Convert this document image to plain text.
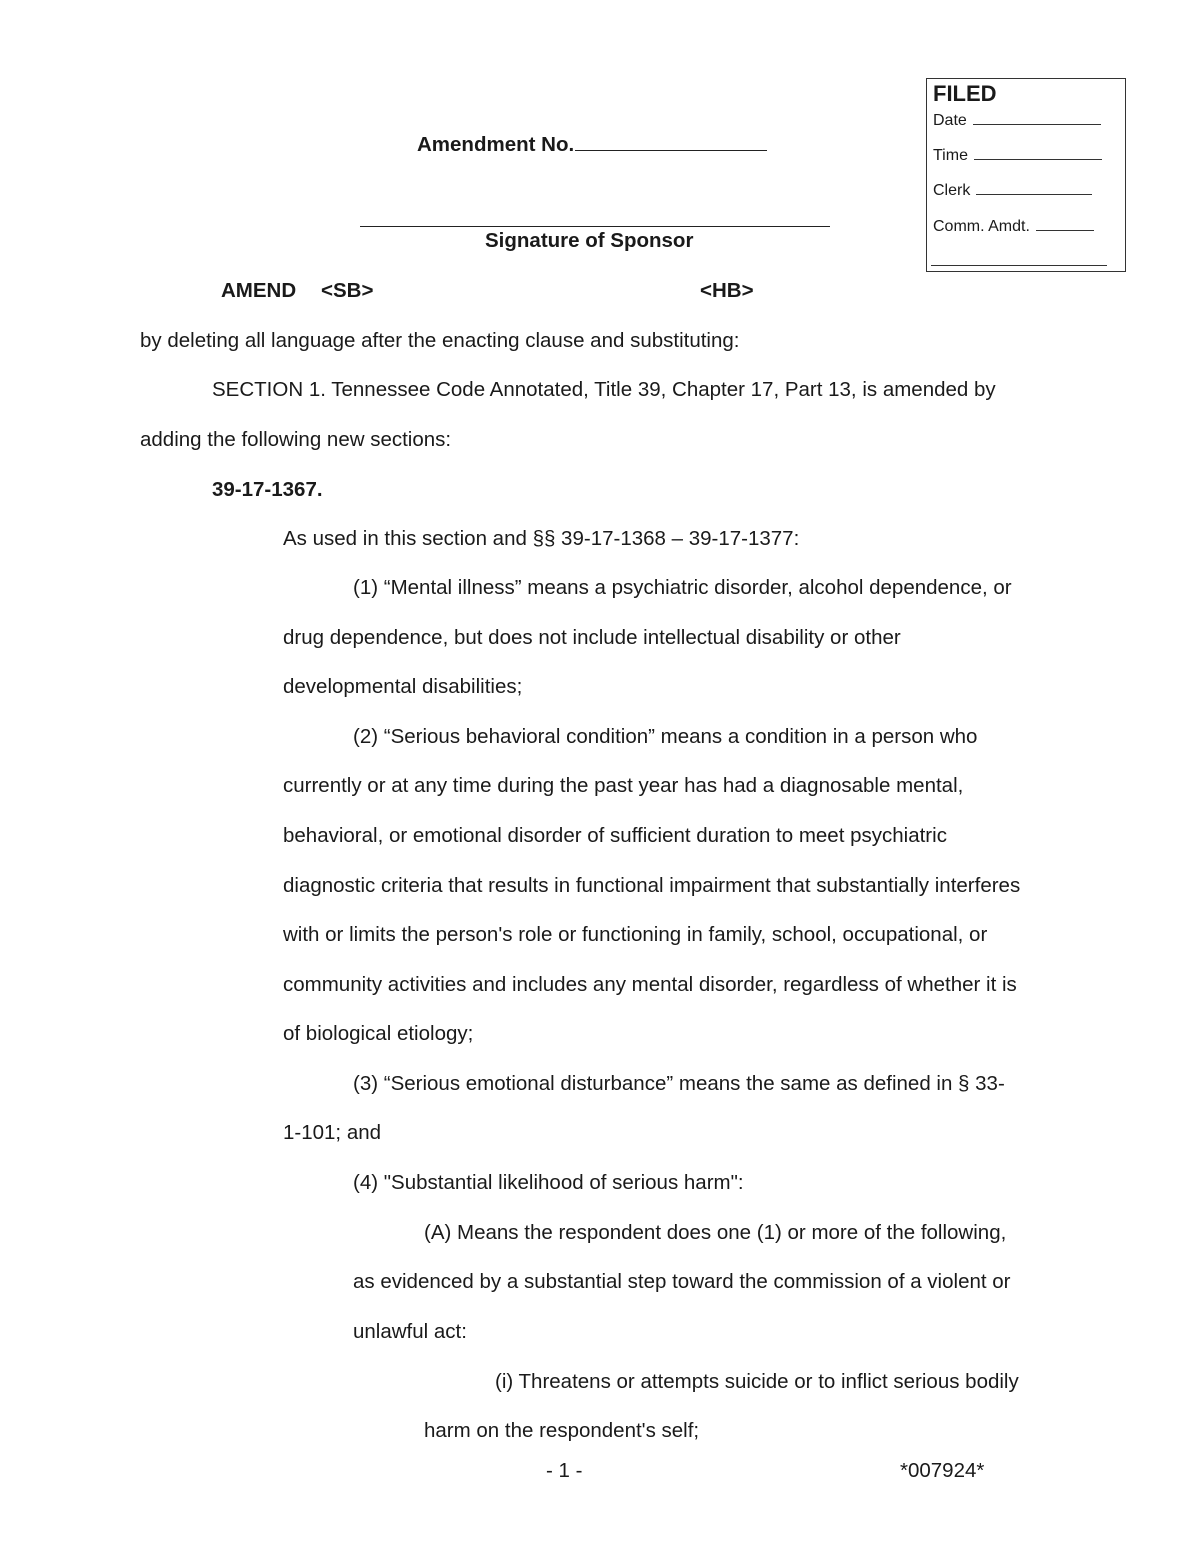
FILED
Date
Time
Clerk
Comm. Amdt.
Amendment No.
Signature of Sponsor
AMEND <SB>	<HB>
by deleting all language after the enacting clause and substituting:
SECTION 1. Tennessee Code Annotated, Title 39, Chapter 17, Part 13, is amended by
adding the following new sections:
39-17-1367.
As used in this section and §§ 39-17-1368 – 39-17-1377:
(1) “Mental illness” means a psychiatric disorder, alcohol dependence, or
drug dependence, but does not include intellectual disability or other
developmental disabilities;
(2) “Serious behavioral condition” means a condition in a person who
currently or at any time during the past year has had a diagnosable mental,
behavioral, or emotional disorder of sufficient duration to meet psychiatric
diagnostic criteria that results in functional impairment that substantially interferes
with or limits the person's role or functioning in family, school, occupational, or
community activities and includes any mental disorder, regardless of whether it is
of biological etiology;
(3) “Serious emotional disturbance” means the same as defined in § 33-
1-101; and
(4) "Substantial likelihood of serious harm":
(A) Means the respondent does one (1) or more of the following,
as evidenced by a substantial step toward the commission of a violent or
unlawful act:
(i) Threatens or attempts suicide or to inflict serious bodily
harm on the respondent's self;
- 1 -	*007924*
